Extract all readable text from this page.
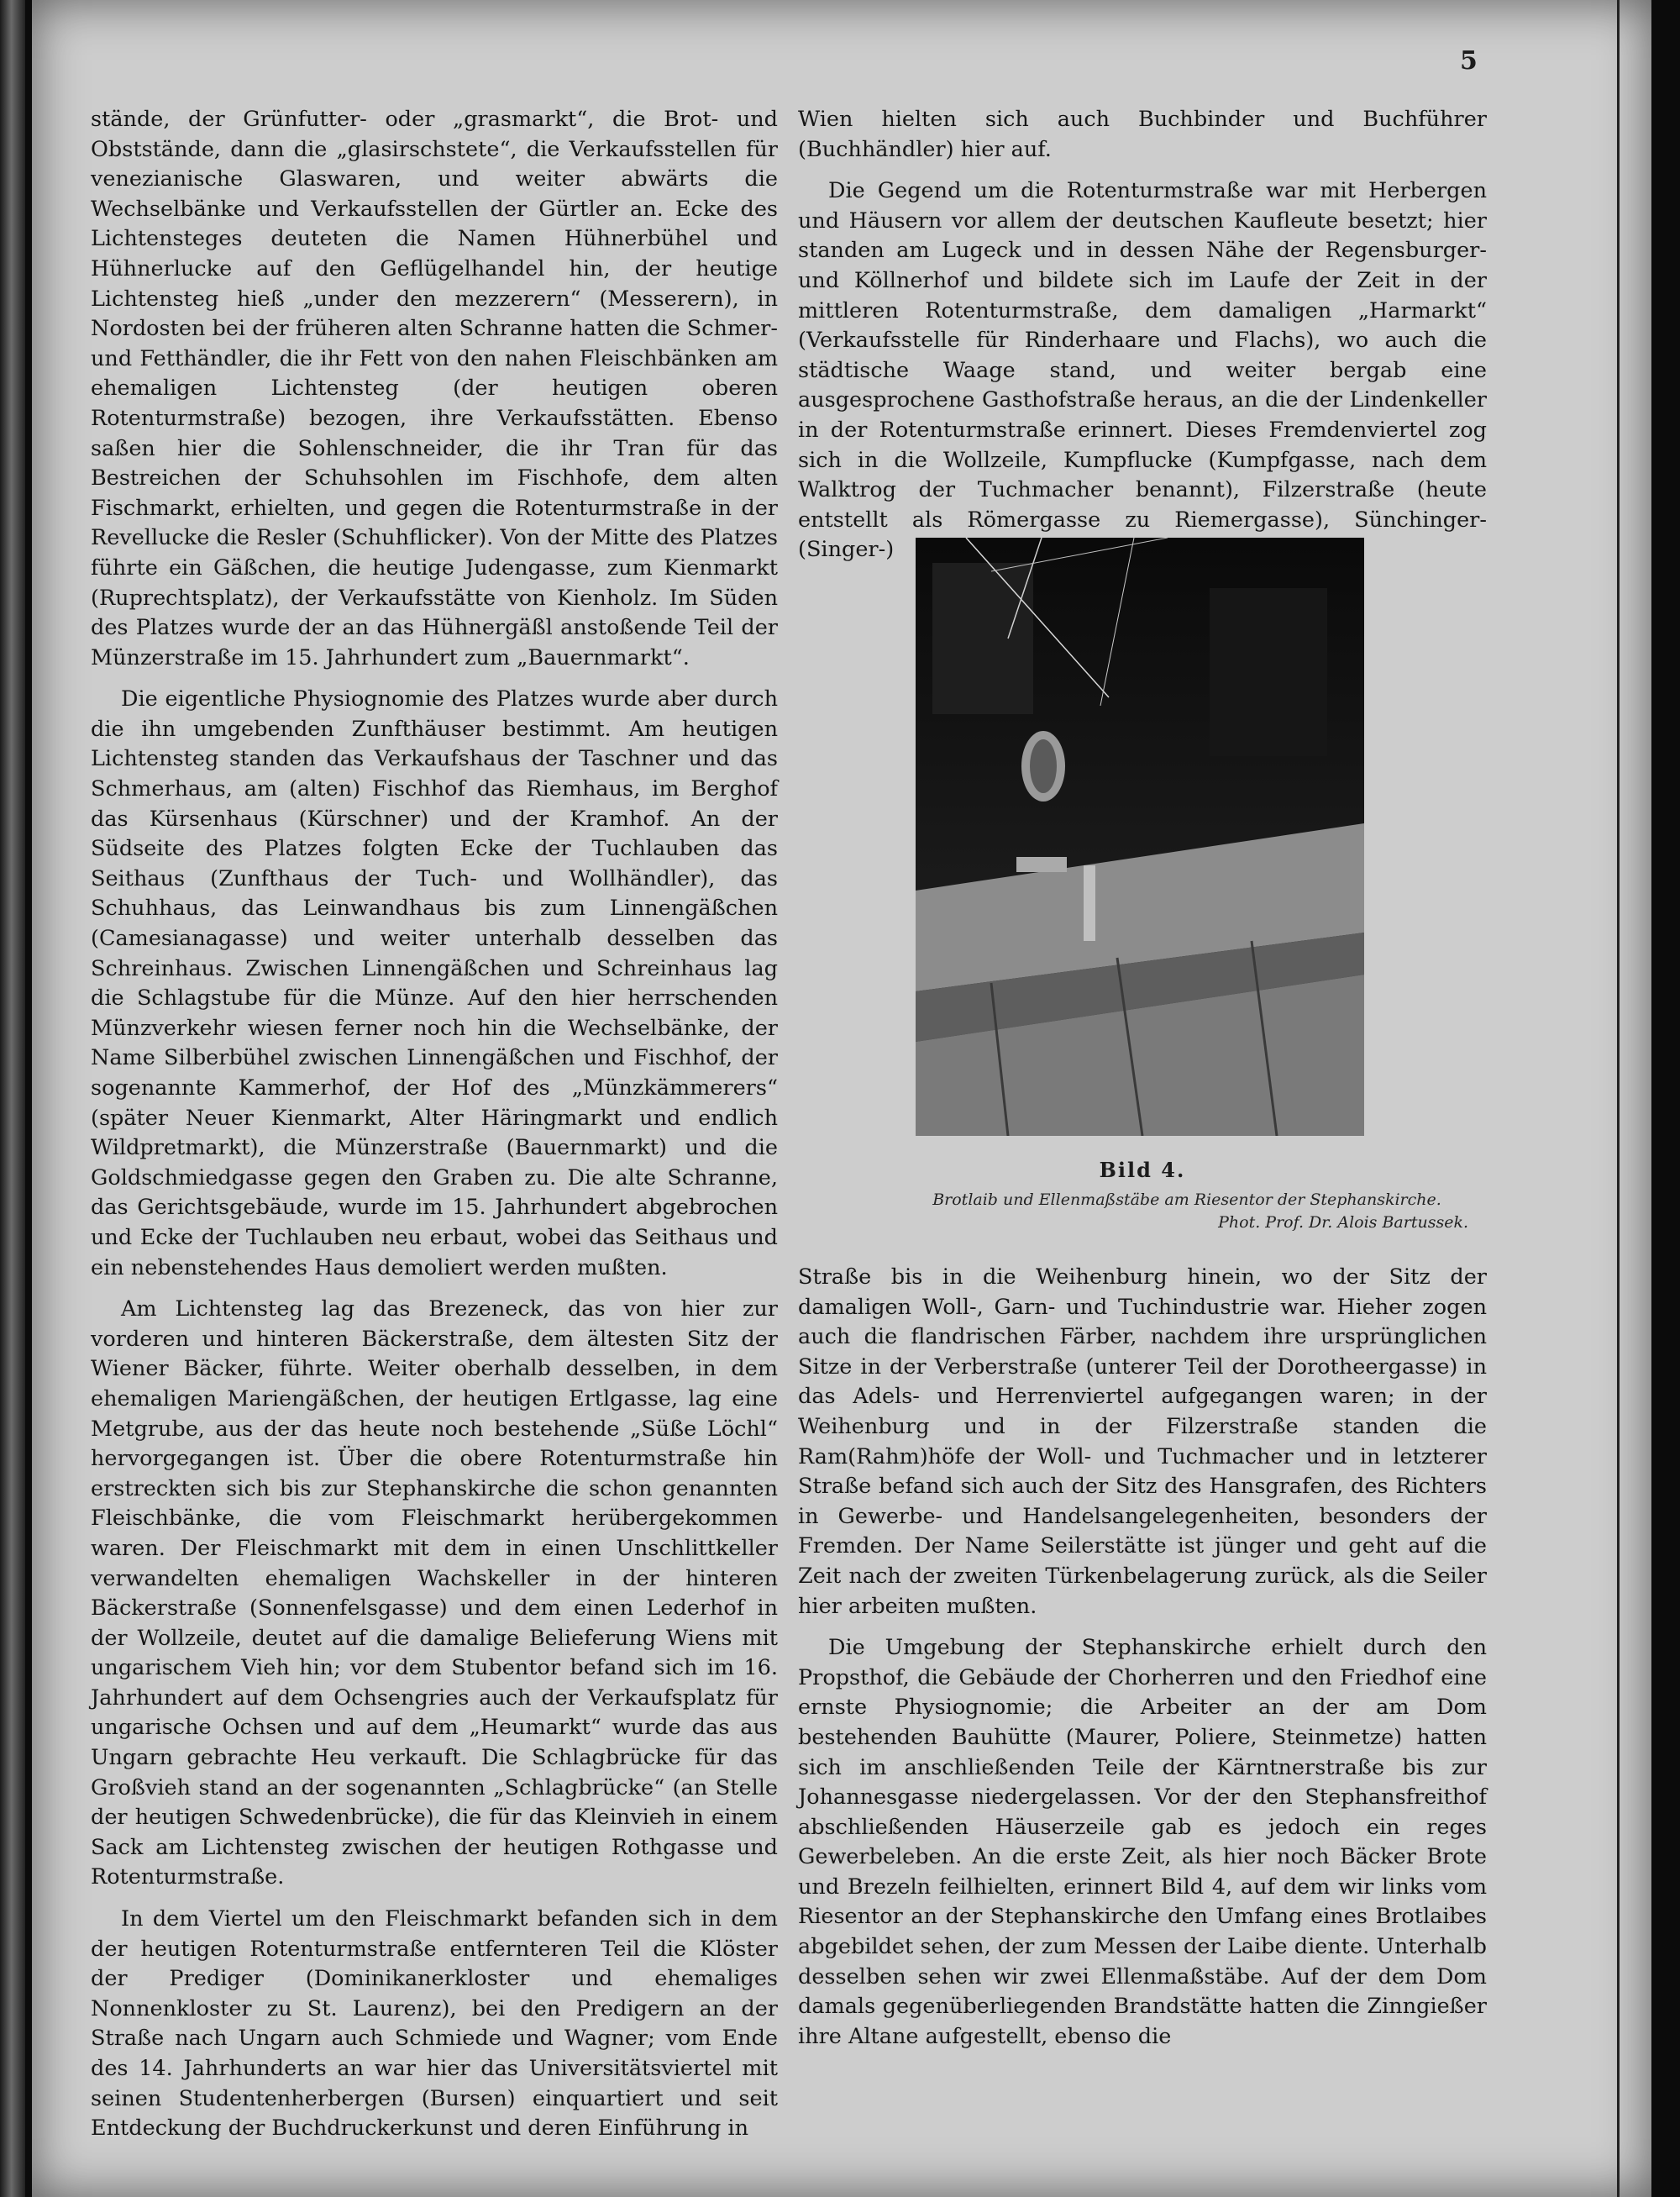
5

stände, der Grünfutter- oder „grasmarkt“, die Brot- und Obststände, dann die „glasirschstete“, die Verkaufsstellen für venezianische Glaswaren, und weiter abwärts die Wechselbänke und Verkaufsstellen der Gürtler an. Ecke des Lichtensteges deuteten die Namen Hühnerbühel und Hühnerlucke auf den Geflügelhandel hin, der heutige Lichtensteg hieß „under den mezzerern“ (Messerern), in Nordosten bei der früheren alten Schranne hatten die Schmer- und Fetthändler, die ihr Fett von den nahen Fleischbänken am ehemaligen Lichtensteg (der heutigen oberen Rotenturmstraße) bezogen, ihre Verkaufsstätten. Ebenso saßen hier die Sohlenschneider, die ihr Tran für das Bestreichen der Schuhsohlen im Fischhofe, dem alten Fischmarkt, erhielten, und gegen die Rotenturmstraße in der Revellucke die Resler (Schuhflicker). Von der Mitte des Platzes führte ein Gäßchen, die heutige Judengasse, zum Kienmarkt (Ruprechtsplatz), der Verkaufsstätte von Kienholz. Im Süden des Platzes wurde der an das Hühnergäßl anstoßende Teil der Münzerstraße im 15. Jahrhundert zum „Bauernmarkt“.

Die eigentliche Physiognomie des Platzes wurde aber durch die ihn umgebenden Zunfthäuser bestimmt. Am heutigen Lichtensteg standen das Verkaufshaus der Taschner und das Schmerhaus, am (alten) Fischhof das Riemhaus, im Berghof das Kürsenhaus (Kürschner) und der Kramhof. An der Südseite des Platzes folgten Ecke der Tuchlauben das Seithaus (Zunfthaus der Tuch- und Wollhändler), das Schuhhaus, das Leinwandhaus bis zum Linnengäßchen (Camesianagasse) und weiter unterhalb desselben das Schreinhaus. Zwischen Linnengäßchen und Schreinhaus lag die Schlagstube für die Münze. Auf den hier herrschenden Münzverkehr wiesen ferner noch hin die Wechselbänke, der Name Silberbühel zwischen Linnengäßchen und Fischhof, der sogenannte Kammerhof, der Hof des „Münzkämmerers“ (später Neuer Kienmarkt, Alter Häringmarkt und endlich Wildpretmarkt), die Münzerstraße (Bauernmarkt) und die Goldschmiedgasse gegen den Graben zu. Die alte Schranne, das Gerichtsgebäude, wurde im 15. Jahrhundert abgebrochen und Ecke der Tuchlauben neu erbaut, wobei das Seithaus und ein nebenstehendes Haus demoliert werden mußten.

Am Lichtensteg lag das Brezeneck, das von hier zur vorderen und hinteren Bäckerstraße, dem ältesten Sitz der Wiener Bäcker, führte. Weiter oberhalb desselben, in dem ehemaligen Mariengäßchen, der heutigen Ertlgasse, lag eine Metgrube, aus der das heute noch bestehende „Süße Löchl“ hervorgegangen ist. Über die obere Rotenturmstraße hin erstreckten sich bis zur Stephanskirche die schon genannten Fleischbänke, die vom Fleischmarkt herübergekommen waren. Der Fleischmarkt mit dem in einen Unschlittkeller verwandelten ehemaligen Wachskeller in der hinteren Bäckerstraße (Sonnenfelsgasse) und dem einen Lederhof in der Wollzeile, deutet auf die damalige Belieferung Wiens mit ungarischem Vieh hin; vor dem Stubentor befand sich im 16. Jahrhundert auf dem Ochsengries auch der Verkaufsplatz für ungarische Ochsen und auf dem „Heumarkt“ wurde das aus Ungarn gebrachte Heu verkauft. Die Schlagbrücke für das Großvieh stand an der sogenannten „Schlagbrücke“ (an Stelle der heutigen Schwedenbrücke), die für das Kleinvieh in einem Sack am Lichtensteg zwischen der heutigen Rothgasse und Rotenturmstraße.

In dem Viertel um den Fleischmarkt befanden sich in dem der heutigen Rotenturmstraße entfernteren Teil die Klöster der Prediger (Dominikanerkloster und ehemaliges Nonnenkloster zu St. Laurenz), bei den Predigern an der Straße nach Ungarn auch Schmiede und Wagner; vom Ende des 14. Jahrhunderts an war hier das Universitätsviertel mit seinen Studentenherbergen (Bursen) einquartiert und seit Entdeckung der Buchdruckerkunst und deren Einführung in

Wien hielten sich auch Buchbinder und Buchführer (Buchhändler) hier auf.

Die Gegend um die Rotenturmstraße war mit Herbergen und Häusern vor allem der deutschen Kaufleute besetzt; hier standen am Lugeck und in dessen Nähe der Regensburger- und Köllnerhof und bildete sich im Laufe der Zeit in der mittleren Rotenturmstraße, dem damaligen „Harmarkt“ (Verkaufsstelle für Rinderhaare und Flachs), wo auch die städtische Waage stand, und weiter bergab eine ausgesprochene Gasthofstraße heraus, an die der Lindenkeller in der Rotenturmstraße erinnert. Dieses Fremdenviertel zog sich in die Wollzeile, Kumpflucke (Kumpfgasse, nach dem Walktrog der Tuchmacher benannt), Filzerstraße (heute entstellt als Römergasse zu Riemergasse), Sünchinger- (Singer-)

Bild 4.
Brotlaib und Ellenmaßstäbe am Riesentor der Stephanskirche.
Phot. Prof. Dr. Alois Bartussek.

Straße bis in die Weihenburg hinein, wo der Sitz der damaligen Woll-, Garn- und Tuchindustrie war. Hieher zogen auch die flandrischen Färber, nachdem ihre ursprünglichen Sitze in der Verberstraße (unterer Teil der Dorotheergasse) in das Adels- und Herrenviertel aufgegangen waren; in der Weihenburg und in der Filzerstraße standen die Ram(Rahm)höfe der Woll- und Tuchmacher und in letzterer Straße befand sich auch der Sitz des Hansgrafen, des Richters in Gewerbe- und Handelsangelegenheiten, besonders der Fremden. Der Name Seilerstätte ist jünger und geht auf die Zeit nach der zweiten Türkenbelagerung zurück, als die Seiler hier arbeiten mußten.

Die Umgebung der Stephanskirche erhielt durch den Propsthof, die Gebäude der Chorherren und den Friedhof eine ernste Physiognomie; die Arbeiter an der am Dom bestehenden Bauhütte (Maurer, Poliere, Steinmetze) hatten sich im anschließenden Teile der Kärntnerstraße bis zur Johannesgasse niedergelassen. Vor der den Stephansfreithof abschließenden Häuserzeile gab es jedoch ein reges Gewerbeleben. An die erste Zeit, als hier noch Bäcker Brote und Brezeln feilhielten, erinnert Bild 4, auf dem wir links vom Riesentor an der Stephanskirche den Umfang eines Brotlaibes abgebildet sehen, der zum Messen der Laibe diente. Unterhalb desselben sehen wir zwei Ellenmaßstäbe. Auf der dem Dom damals gegenüberliegenden Brandstätte hatten die Zinngießer ihre Altane aufgestellt, ebenso die
